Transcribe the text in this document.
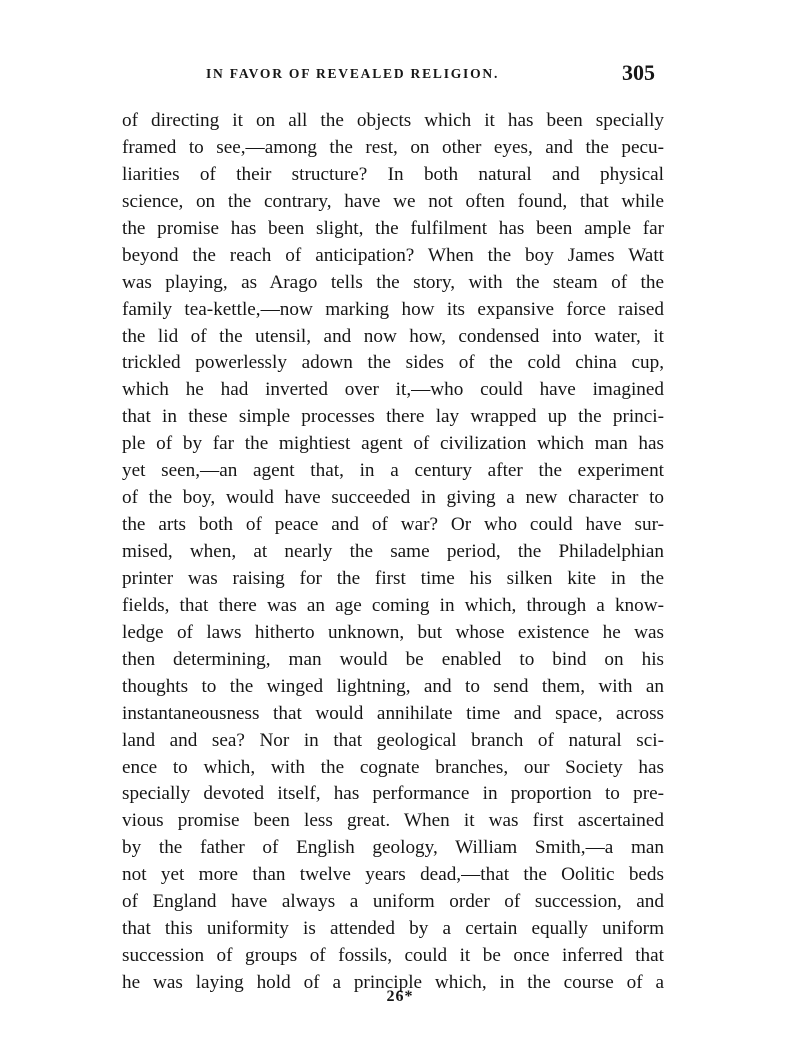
IN FAVOR OF REVEALED RELIGION.	305
of directing it on all the objects which it has been specially
framed to see,—among the rest, on other eyes, and the pecu-
liarities of their structure? In both natural and physical
science, on the contrary, have we not often found, that while
the promise has been slight, the fulfilment has been ample far
beyond the reach of anticipation? When the boy James Watt
was playing, as Arago tells the story, with the steam of the
family tea-kettle,—now marking how its expansive force raised
the lid of the utensil, and now how, condensed into water, it
trickled powerlessly adown the sides of the cold china cup,
which he had inverted over it,—who could have imagined
that in these simple processes there lay wrapped up the princi-
ple of by far the mightiest agent of civilization which man has
yet seen,—an agent that, in a century after the experiment
of the boy, would have succeeded in giving a new character to
the arts both of peace and of war? Or who could have sur-
mised, when, at nearly the same period, the Philadelphian
printer was raising for the first time his silken kite in the
fields, that there was an age coming in which, through a know-
ledge of laws hitherto unknown, but whose existence he was
then determining, man would be enabled to bind on his
thoughts to the winged lightning, and to send them, with an
instantaneousness that would annihilate time and space, across
land and sea? Nor in that geological branch of natural sci-
ence to which, with the cognate branches, our Society has
specially devoted itself, has performance in proportion to pre-
vious promise been less great. When it was first ascertained
by the father of English geology, William Smith,—a man
not yet more than twelve years dead,—that the Oolitic beds
of England have always a uniform order of succession, and
that this uniformity is attended by a certain equally uniform
succession of groups of fossils, could it be once inferred that
he was laying hold of a principle which, in the course of a
26*
